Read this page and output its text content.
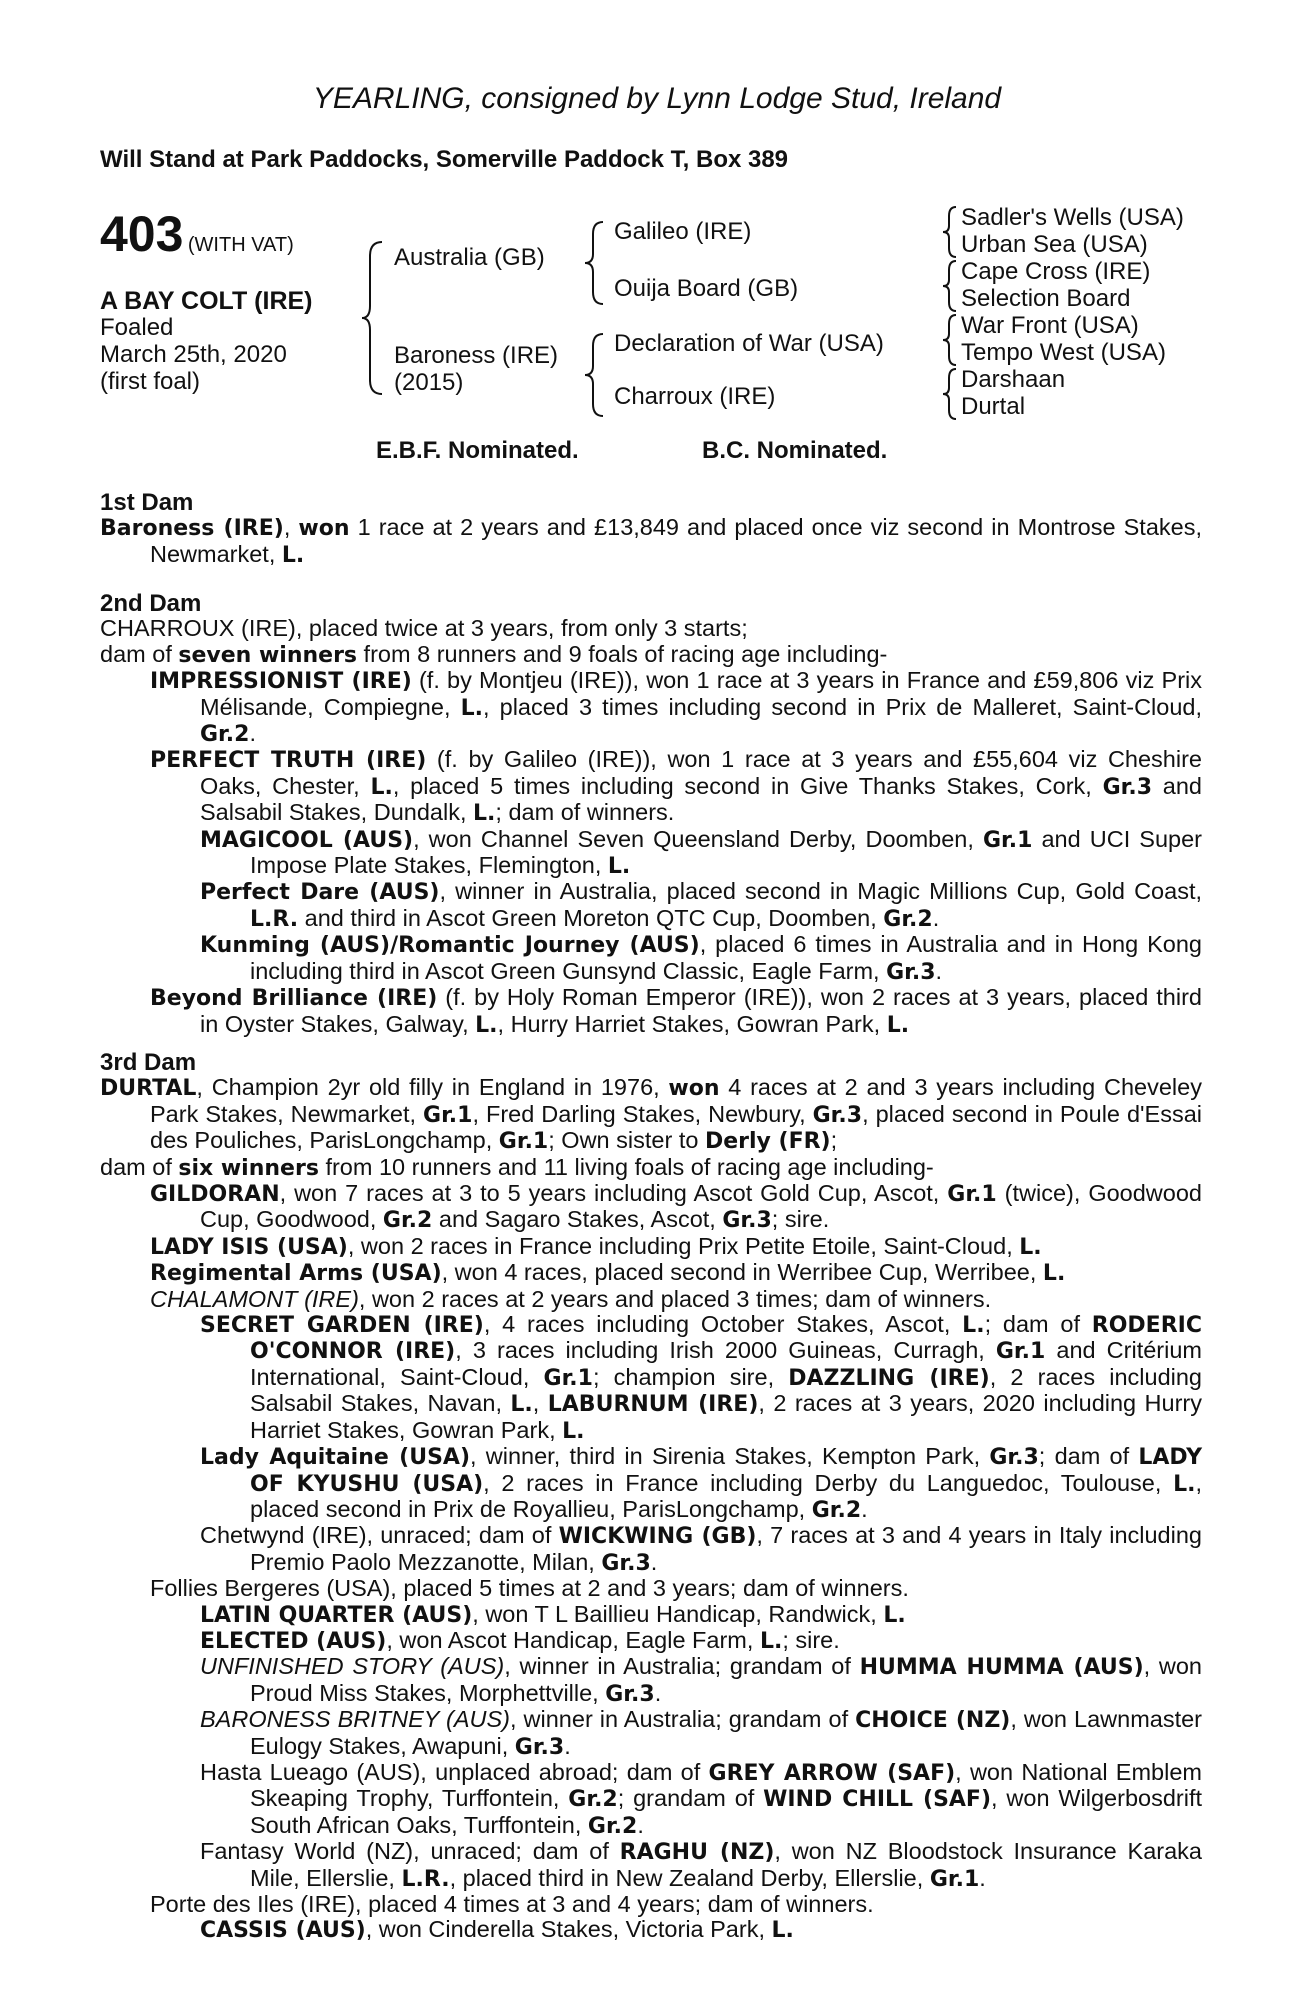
YEARLING, consigned by Lynn Lodge Stud, Ireland
Will Stand at Park Paddocks, Somerville Paddock T, Box 389
403 (WITH VAT)
A BAY COLT (IRE)
Foaled
March 25th, 2020
(first foal)
Australia (GB)
Baroness (IRE)
(2015)
Galileo (IRE)
Ouija Board (GB)
Declaration of War (USA)
Charroux (IRE)
Sadler's Wells (USA)
Urban Sea (USA)
Cape Cross (IRE)
Selection Board
War Front (USA)
Tempo West (USA)
Darshaan
Durtal
E.B.F. Nominated.	B.C. Nominated.
1st Dam

Baroness (IRE), won 1 race at 2 years and £13,849 and placed once viz second in Montrose Stakes, Newmarket, L.

2nd Dam

CHARROUX (IRE), placed twice at 3 years, from only 3 starts;

dam of seven winners from 8 runners and 9 foals of racing age including-

IMPRESSIONIST (IRE) (f. by Montjeu (IRE)), won 1 race at 3 years in France and £59,806 viz Prix Mélisande, Compiegne, L., placed 3 times including second in Prix de Malleret, Saint-Cloud, Gr.2.

PERFECT TRUTH (IRE) (f. by Galileo (IRE)), won 1 race at 3 years and £55,604 viz Cheshire Oaks, Chester, L., placed 5 times including second in Give Thanks Stakes, Cork, Gr.3 and Salsabil Stakes, Dundalk, L.; dam of winners.

MAGICOOL (AUS), won Channel Seven Queensland Derby, Doomben, Gr.1 and UCI Super Impose Plate Stakes, Flemington, L.

Perfect Dare (AUS), winner in Australia, placed second in Magic Millions Cup, Gold Coast, L.R. and third in Ascot Green Moreton QTC Cup, Doomben, Gr.2.

Kunming (AUS)/Romantic Journey (AUS), placed 6 times in Australia and in Hong Kong including third in Ascot Green Gunsynd Classic, Eagle Farm, Gr.3.

Beyond Brilliance (IRE) (f. by Holy Roman Emperor (IRE)), won 2 races at 3 years, placed third in Oyster Stakes, Galway, L., Hurry Harriet Stakes, Gowran Park, L.

3rd Dam

DURTAL, Champion 2yr old filly in England in 1976, won 4 races at 2 and 3 years including Cheveley Park Stakes, Newmarket, Gr.1, Fred Darling Stakes, Newbury, Gr.3, placed second in Poule d'Essai des Pouliches, ParisLongchamp, Gr.1; Own sister to Derly (FR);

dam of six winners from 10 runners and 11 living foals of racing age including-

GILDORAN, won 7 races at 3 to 5 years including Ascot Gold Cup, Ascot, Gr.1 (twice), Goodwood Cup, Goodwood, Gr.2 and Sagaro Stakes, Ascot, Gr.3; sire.

LADY ISIS (USA), won 2 races in France including Prix Petite Etoile, Saint-Cloud, L.

Regimental Arms (USA), won 4 races, placed second in Werribee Cup, Werribee, L.

CHALAMONT (IRE), won 2 races at 2 years and placed 3 times; dam of winners.

SECRET GARDEN (IRE), 4 races including October Stakes, Ascot, L.; dam of RODERIC O'CONNOR (IRE), 3 races including Irish 2000 Guineas, Curragh, Gr.1 and Critérium International, Saint-Cloud, Gr.1; champion sire, DAZZLING (IRE), 2 races including Salsabil Stakes, Navan, L., LABURNUM (IRE), 2 races at 3 years, 2020 including Hurry Harriet Stakes, Gowran Park, L.

Lady Aquitaine (USA), winner, third in Sirenia Stakes, Kempton Park, Gr.3; dam of LADY OF KYUSHU (USA), 2 races in France including Derby du Languedoc, Toulouse, L., placed second in Prix de Royallieu, ParisLongchamp, Gr.2.

Chetwynd (IRE), unraced; dam of WICKWING (GB), 7 races at 3 and 4 years in Italy including Premio Paolo Mezzanotte, Milan, Gr.3.

Follies Bergeres (USA), placed 5 times at 2 and 3 years; dam of winners.

LATIN QUARTER (AUS), won T L Baillieu Handicap, Randwick, L.

ELECTED (AUS), won Ascot Handicap, Eagle Farm, L.; sire.

UNFINISHED STORY (AUS), winner in Australia; grandam of HUMMA HUMMA (AUS), won Proud Miss Stakes, Morphettville, Gr.3.

BARONESS BRITNEY (AUS), winner in Australia; grandam of CHOICE (NZ), won Lawnmaster Eulogy Stakes, Awapuni, Gr.3.

Hasta Lueago (AUS), unplaced abroad; dam of GREY ARROW (SAF), won National Emblem Skeaping Trophy, Turffontein, Gr.2; grandam of WIND CHILL (SAF), won Wilgerbosdrift South African Oaks, Turffontein, Gr.2.

Fantasy World (NZ), unraced; dam of RAGHU (NZ), won NZ Bloodstock Insurance Karaka Mile, Ellerslie, L.R., placed third in New Zealand Derby, Ellerslie, Gr.1.

Porte des Iles (IRE), placed 4 times at 3 and 4 years; dam of winners.

CASSIS (AUS), won Cinderella Stakes, Victoria Park, L.
